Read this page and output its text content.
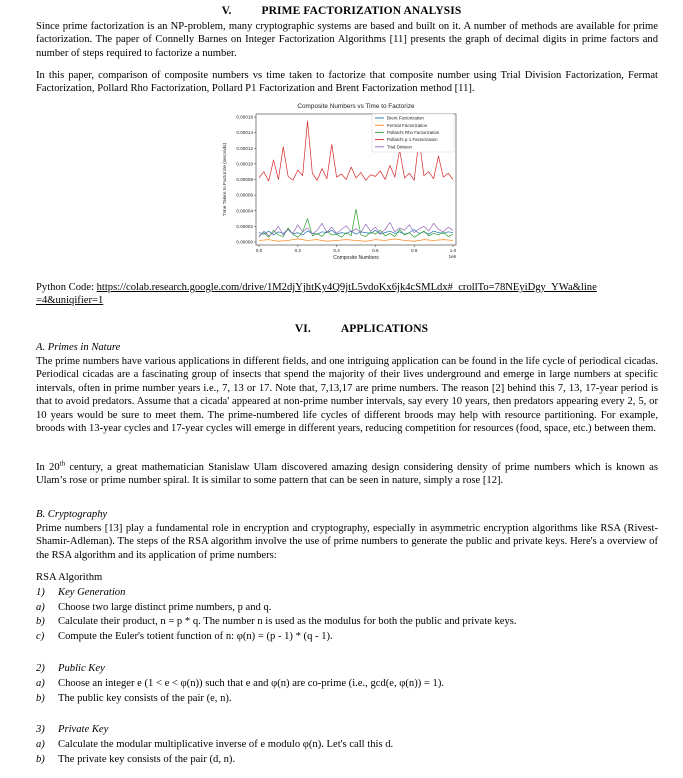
V.	PRIME FACTORIZATION ANALYSIS

Since prime factorization is an NP-problem, many cryptographic systems are based and built on it. A number of methods are available for prime factorization. The paper of Connelly Barnes on Integer Factorization Algorithms [11] presents the graph of decimal digits in prime factors and number of steps required to factorize a number.

In this paper, comparison of composite numbers vs time taken to factorize that composite number using Trial Division Factorization, Fermat Factorization, Pollard Rho Factorization, Pollard P1 Factorization and Brent Factorization method [11].

Composite Numbers vs Time to Factorize
0.00000
0.00002
0.00004
0.00006
0.00008
0.00010
0.00012
0.00014
0.00016
0.0	0.2	0.4	0.6	0.8	1.0
1e6
Composite Numbers
Time Taken to Factorize (seconds)
Brent Factorization
Fermat Factorization
Pollard's Rho Factorization
Pollard's p-1 Factorization
Trial Division

Python Code: https://colab.research.google.com/drive/1M2djYjhtKy4Q9jtL5vdoKx6jk4cSMLdx#_crollTo=78NEyiDgy_YWa&line
=4&uniqifier=1

VI.	APPLICATIONS

A. Primes in Nature

The prime numbers have various applications in different fields, and one intriguing application can be found in the life cycle of periodical cicadas. Periodical cicadas are a fascinating group of insects that spend the majority of their lives underground and emerge in large numbers at specific intervals, often in prime number years i.e., 7, 13 or 17. Note that, 7,13,17 are prime numbers. The reason [2] behind this 7, 13, 17-year period is that to avoid predators. Assume that a cicada' appeared at non-prime number intervals, say every 10 years, then predators appearing every 2, 5, or 10 years would be sure to meet them. The prime-numbered life cycles of different broods may help with resource partitioning. For example, broods with 13-year cycles and 17-year cycles will emerge in different years, reducing competition for resources (food, space, etc.) between them.

In 20th century, a great mathematician Stanislaw Ulam discovered amazing design considering density of prime numbers which is known as Ulam’s rose or prime number spiral. It is similar to some pattern that can be seen in nature, simply a rose [12].

B. Cryptography

Prime numbers [13] play a fundamental role in encryption and cryptography, especially in asymmetric encryption algorithms like RSA (Rivest-Shamir-Adleman). The steps of the RSA algorithm involve the use of prime numbers to generate the public and private keys. Here's a overview of the RSA algorithm and its application of prime numbers:

RSA Algorithm

1) Key Generation

a) Choose two large distinct prime numbers, p and q.

b) Calculate their product, n = p * q. The number n is used as the modulus for both the public and private keys.

c) Compute the Euler's totient function of n: φ(n) = (p - 1) * (q - 1).

2) Public Key

a) Choose an integer e (1 < e < φ(n)) such that e and φ(n) are co-prime (i.e., gcd(e, φ(n)) = 1).

b) The public key consists of the pair (e, n).

3) Private Key

a) Calculate the modular multiplicative inverse of e modulo φ(n). Let's call this d.

b) The private key consists of the pair (d, n).
